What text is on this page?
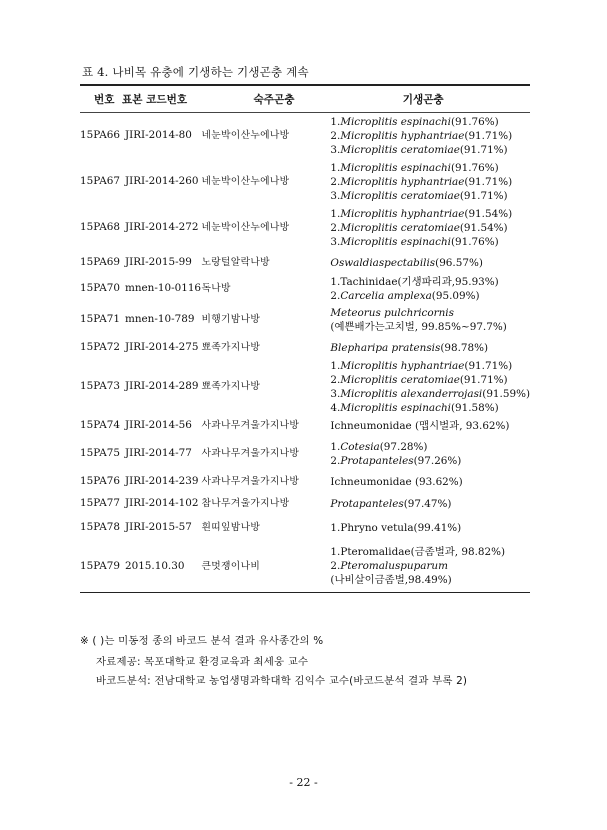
표 4. 나비목 유충에 기생하는 기생곤충 계속
번호	표본 코드번호	숙주곤충	기생곤충
15PA66	JIRI-2014-80	네눈박이산누에나방	1.Microplitis espinachi(91.76%)
2.Microplitis hyphantriae(91.71%)
3.Microplitis ceratomiae(91.71%)

15PA67	JIRI-2014-260	네눈박이산누에나방	1.Microplitis espinachi(91.76%)
2.Microplitis hyphantriae(91.71%)
3.Microplitis ceratomiae(91.71%)

15PA68	JIRI-2014-272	네눈박이산누에나방	1.Microplitis hyphantriae(91.54%)
2.Microplitis ceratomiae(91.54%)
3.Microplitis espinachi(91.76%)

15PA69	JIRI-2015-99	노랑털알락나방	Oswaldiaspectabilis(96.57%)

15PA70	mnen-10-0116	독나방	1.Tachinidae(기생파리과,95.93%)
2.Carcelia amplexa(95.09%)

15PA71	mnen-10-789	비행기밤나방	Meteorus pulchricornis
(예쁜배가는고치벌, 99.85%~97.7%)

15PA72	JIRI-2014-275	뾰족가지나방	Blepharipa pratensis(98.78%)

15PA73	JIRI-2014-289	뾰족가지나방	1.Microplitis hyphantriae(91.71%)
2.Microplitis ceratomiae(91.71%)
3.Microplitis alexanderrojasi(91.59%)
4.Microplitis espinachi(91.58%)

15PA74	JIRI-2014-56	사과나무겨울가지나방	Ichneumonidae (맵시벌과, 93.62%)

15PA75	JIRI-2014-77	사과나무겨울가지나방	1.Cotesia(97.28%)
2.Protapanteles(97.26%)

15PA76	JIRI-2014-239	사과나무겨울가지나방	Ichneumonidae (93.62%)

15PA77	JIRI-2014-102	참나무겨울가지나방	Protapanteles(97.47%)

15PA78	JIRI-2015-57	흰띠잎밤나방	1.Phryno vetula(99.41%)

15PA79	2015.10.30	큰멋쟁이나비	1.Pteromalidae(금좀벌과, 98.82%)
2.Pteromaluspuparum
(나비살이금좀벌,98.49%)
※ ( )는 미동정 종의 바코드 분석 결과 유사종간의 %
자료제공: 목포대학교 환경교육과 최세웅 교수
바코드분석: 전남대학교 농업생명과학대학 김익수 교수(바코드분석 결과 부록 2)
- 22 -
